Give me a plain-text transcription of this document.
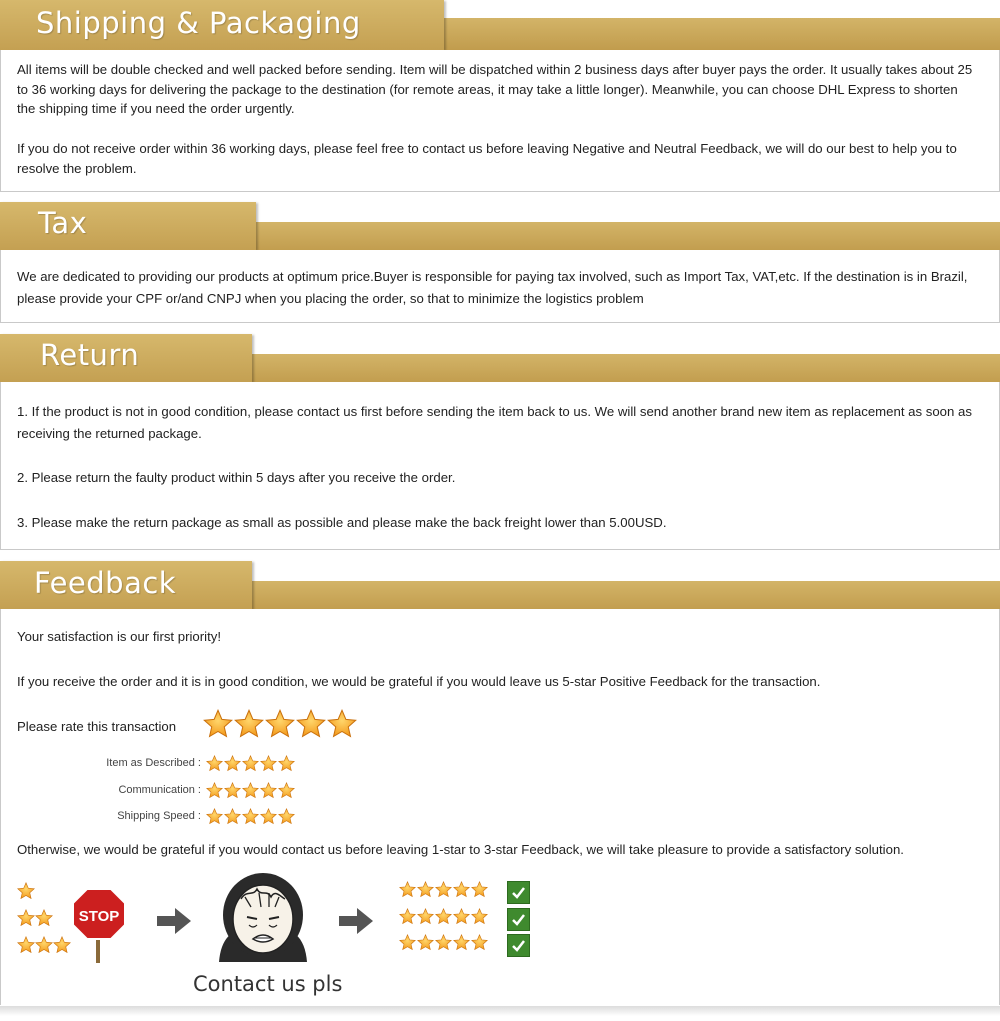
Shipping & Packaging

All items will be double checked and well packed before sending. Item will be dispatched within 2 business days after buyer pays the order. It usually takes about 25 to 36 working days for delivering the package to the destination (for remote areas, it may take a little longer). Meanwhile, you can choose DHL Express to shorten the shipping time if you need the order urgently.

If you do not receive order within 36 working days, please feel free to contact us before leaving Negative and Neutral Feedback, we will do our best to help you to resolve the problem.

Tax

We are dedicated to providing our products at optimum price.Buyer is responsible for paying tax involved, such as Import Tax, VAT,etc. If the destination is in Brazil, please provide your CPF or/and CNPJ when you placing the order, so that to minimize the logistics problem

Return

1. If the product is not in good condition, please contact us first before sending the item back to us. We will send another brand new item as replacement as soon as receiving the returned package.

2. Please return the faulty product within 5 days after you receive the order.

3. Please make the return package as small as possible and please make the back freight lower than 5.00USD.

Feedback

Your satisfaction is our first priority!

If you receive the order and it is in good condition, we would be grateful if you would leave us 5-star Positive Feedback for the transaction.

Please rate this transaction

Item as Described :
Communication :
Shipping Speed :

Otherwise, we would be grateful if you would contact us before leaving 1-star to 3-star Feedback, we will take pleasure to provide a satisfactory solution.

STOP
Contact us pls
